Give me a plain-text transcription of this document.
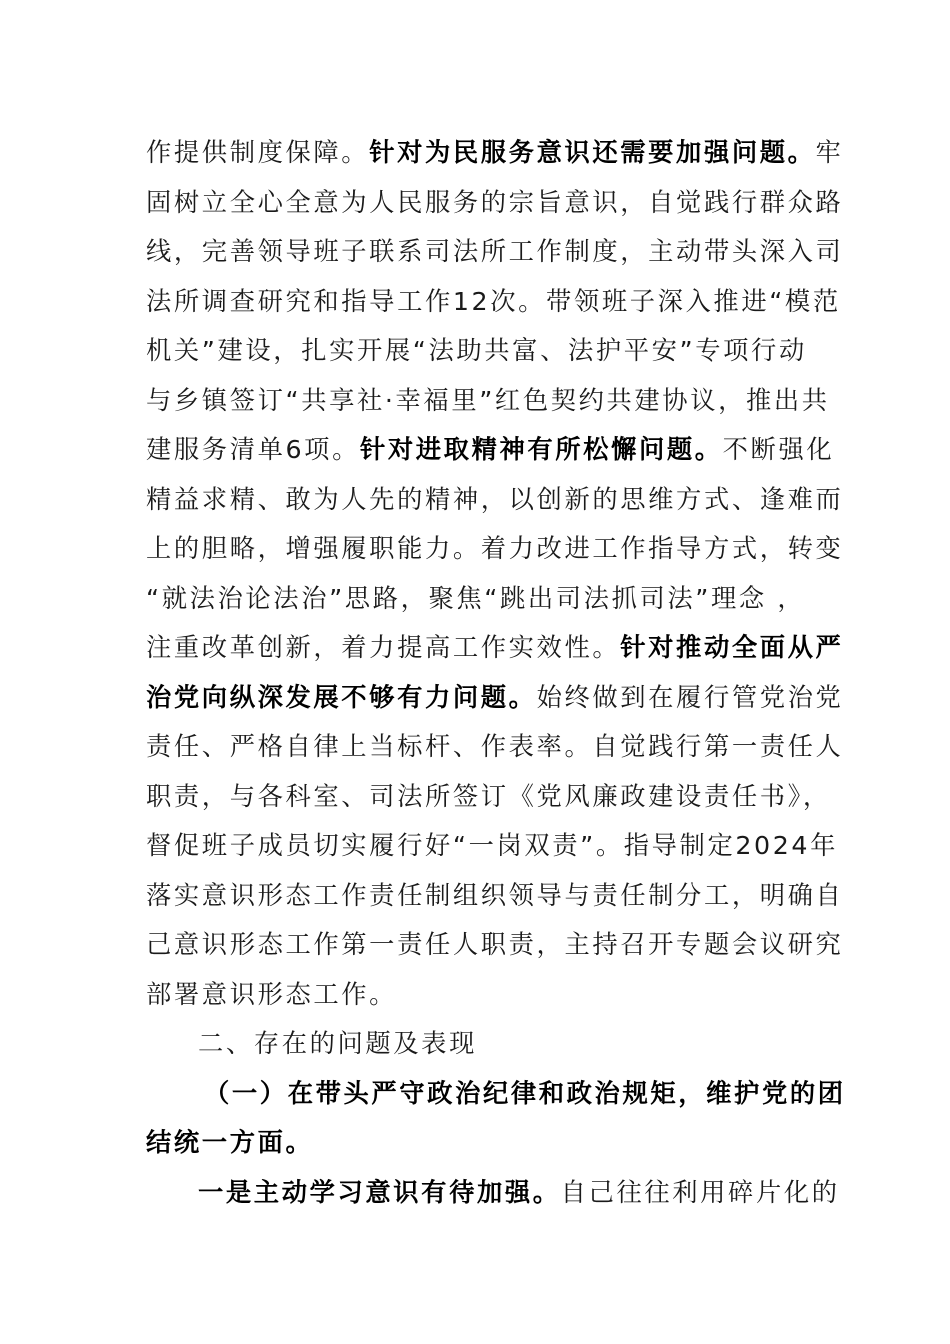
作提供制度保障。针对为民服务意识还需要加强问题。牢
固树立全心全意为人民服务的宗旨意识，自觉践行群众路
线，完善领导班子联系司法所工作制度，主动带头深入司
法所调查研究和指导工作12次。带领班子深入推进“模范
机关”建设，扎实开展“法助共富、法护平安”专项行动
与乡镇签订“共享社·幸福里”红色契约共建协议，推出共
建服务清单6项。针对进取精神有所松懈问题。不断强化
精益求精、敢为人先的精神，以创新的思维方式、逢难而
上的胆略，增强履职能力。着力改进工作指导方式，转变
“就法治论法治”思路，聚焦“跳出司法抓司法”理念 ，
注重改革创新，着力提高工作实效性。针对推动全面从严
治党向纵深发展不够有力问题。始终做到在履行管党治党
责任、严格自律上当标杆、作表率。自觉践行第一责任人
职责，与各科室、司法所签订《党风廉政建设责任书》，
督促班子成员切实履行好“一岗双责”。指导制定2024年
落实意识形态工作责任制组织领导与责任制分工，明确自
己意识形态工作第一责任人职责，主持召开专题会议研究
部署意识形态工作。
二、存在的问题及表现
（一）在带头严守政治纪律和政治规矩，维护党的团
结统一方面。
一是主动学习意识有待加强。自己往往利用碎片化的
